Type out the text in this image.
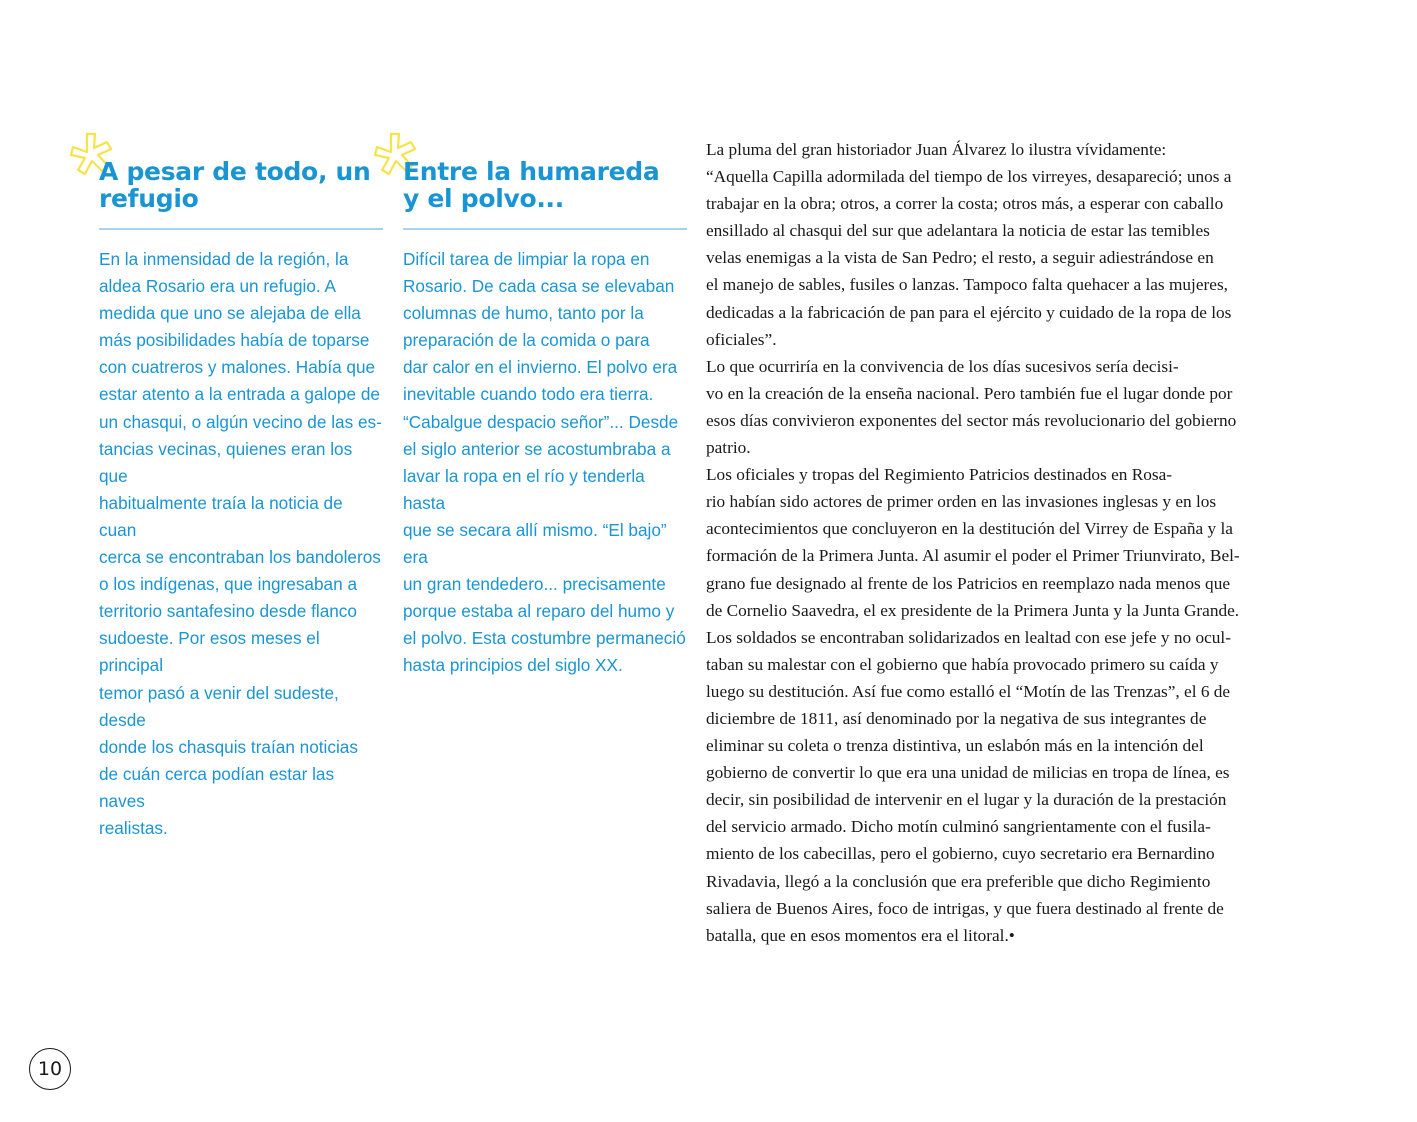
A pesar de todo, un
refugio
En la inmensidad de la región, la
aldea Rosario era un refugio. A
medida que uno se alejaba de ella
más posibilidades había de toparse
con cuatreros y malones. Había que
estar atento a la entrada a galope de
un chasqui, o algún vecino de las es-
tancias vecinas, quienes eran los que
habitualmente traía la noticia de cuan
cerca se encontraban los bandoleros
o los indígenas, que ingresaban a
territorio santafesino desde flanco
sudoeste. Por esos meses el principal
temor pasó a venir del sudeste, desde
donde los chasquis traían noticias
de cuán cerca podían estar las naves
realistas.
Entre la humareda
y el polvo...
Difícil tarea de limpiar la ropa en
Rosario. De cada casa se elevaban
columnas de humo, tanto por la
preparación de la comida o para
dar calor en el invierno. El polvo era
inevitable cuando todo era tierra.
“Cabalgue despacio señor”... Desde
el siglo anterior se acostumbraba a
lavar la ropa en el río y tenderla hasta
que se secara allí mismo. “El bajo” era
un gran tendedero... precisamente
porque estaba al reparo del humo y
el polvo. Esta costumbre permaneció
hasta principios del siglo XX.

La pluma del gran historiador Juan Álvarez lo ilustra vívidamente:
“Aquella Capilla adormilada del tiempo de los virreyes, desapareció; unos a
trabajar en la obra; otros, a correr la costa; otros más, a esperar con caballo
ensillado al chasqui del sur que adelantara la noticia de estar las temibles
velas enemigas a la vista de San Pedro; el resto, a seguir adiestrándose en
el manejo de sables, fusiles o lanzas. Tampoco falta quehacer a las mujeres,
dedicadas a la fabricación de pan para el ejército y cuidado de la ropa de los
oficiales”.

Lo que ocurriría en la convivencia de los días sucesivos sería decisi-
vo en la creación de la enseña nacional. Pero también fue el lugar donde por
esos días convivieron exponentes del sector más revolucionario del gobierno
patrio.

Los oficiales y tropas del Regimiento Patricios destinados en Rosa-
rio habían sido actores de primer orden en las invasiones inglesas y en los
acontecimientos que concluyeron en la destitución del Virrey de España y la
formación de la Primera Junta. Al asumir el poder el Primer Triunvirato, Bel-
grano fue designado al frente de los Patricios en reemplazo nada menos que
de Cornelio Saavedra, el ex presidente de la Primera Junta y la Junta Grande.
Los soldados se encontraban solidarizados en lealtad con ese jefe y no ocul-
taban su malestar con el gobierno que había provocado primero su caída y
luego su destitución. Así fue como estalló el “Motín de las Trenzas”, el 6 de
diciembre de 1811, así denominado por la negativa de sus integrantes de
eliminar su coleta o trenza distintiva, un eslabón más en la intención del
gobierno de convertir lo que era una unidad de milicias en tropa de línea, es
decir, sin posibilidad de intervenir en el lugar y la duración de la prestación
del servicio armado. Dicho motín culminó sangrientamente con el fusila-
miento de los cabecillas, pero el gobierno, cuyo secretario era Bernardino
Rivadavia, llegó a la conclusión que era preferible que dicho Regimiento
saliera de Buenos Aires, foco de intrigas, y que fuera destinado al frente de
batalla, que en esos momentos era el litoral.•

10
